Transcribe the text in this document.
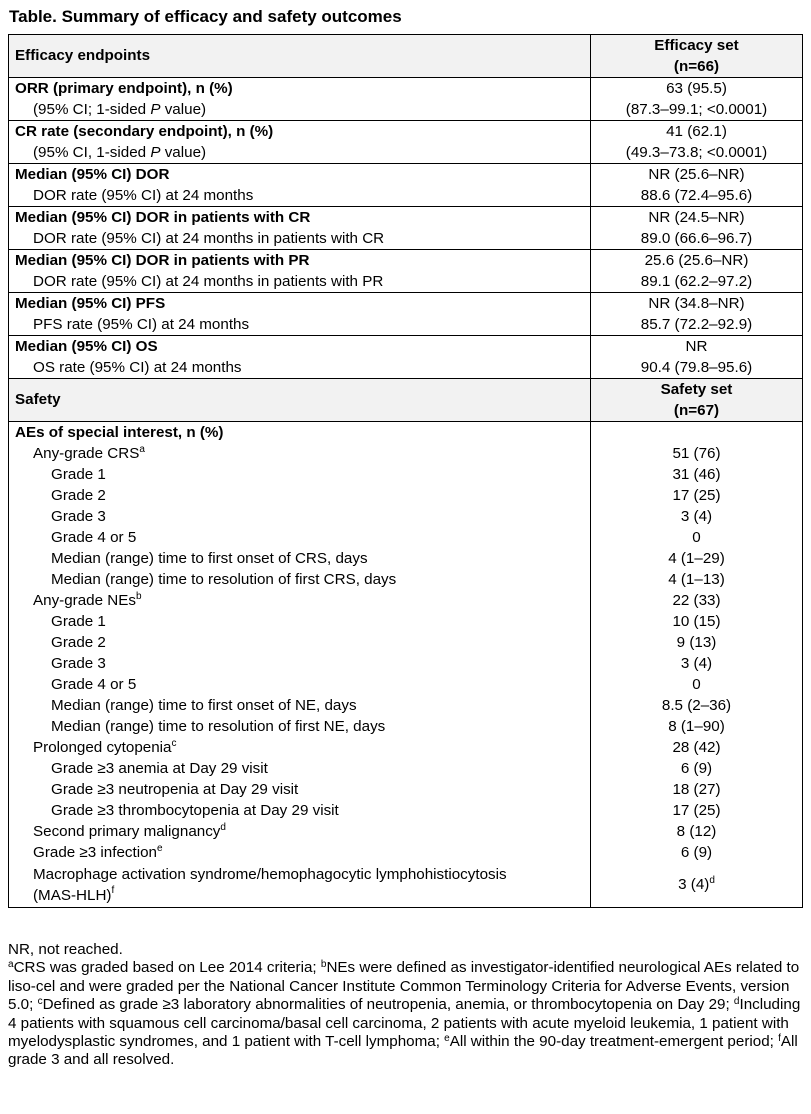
Table. Summary of efficacy and safety outcomes
Efficacy endpoints	Efficacy set
(n=66)

ORR (primary endpoint), n (%)	63 (95.5)
(95% CI; 1-sided P value)	(87.3–99.1; <0.0001)
CR rate (secondary endpoint), n (%)	41 (62.1)
(95% CI, 1-sided P value)	(49.3–73.8; <0.0001)
Median (95% CI) DOR	NR (25.6–NR)
DOR rate (95% CI) at 24 months	88.6 (72.4–95.6)
Median (95% CI) DOR in patients with CR	NR (24.5–NR)
DOR rate (95% CI) at 24 months in patients with CR	89.0 (66.6–96.7)
Median (95% CI) DOR in patients with PR	25.6 (25.6–NR)
DOR rate (95% CI) at 24 months in patients with PR	89.1 (62.2–97.2)
Median (95% CI) PFS	NR (34.8–NR)
PFS rate (95% CI) at 24 months	85.7 (72.2–92.9)
Median (95% CI) OS	NR
OS rate (95% CI) at 24 months	90.4 (79.8–95.6)
Safety	Safety set
(n=67)

AEs of special interest, n (%)	
Any-grade CRS$^a$	51 (76)
Grade 1	31 (46)
Grade 2	17 (25)
Grade 3	3 (4)
Grade 4 or 5	0
Median (range) time to first onset of CRS, days	4 (1–29)
Median (range) time to resolution of first CRS, days	4 (1–13)
Any-grade NEs$^b$	22 (33)
Grade 1	10 (15)
Grade 2	9 (13)
Grade 3	3 (4)
Grade 4 or 5	0
Median (range) time to first onset of NE, days	8.5 (2–36)
Median (range) time to resolution of first NE, days	8 (1–90)
Prolonged cytopenia$^c$	28 (42)
Grade ≥3 anemia at Day 29 visit	6 (9)
Grade ≥3 neutropenia at Day 29 visit	18 (27)
Grade ≥3 thrombocytopenia at Day 29 visit	17 (25)
Second primary malignancy$^d$	8 (12)
Grade ≥3 infection$^e$	6 (9)
Macrophage activation syndrome/hemophagocytic lymphohistiocytosis
$(MAS-HLH)^f$	3 $(4)^d$

NR, not reached.

$^a$CRS was graded based on Lee 2014 criteria; $^b$NEs were defined as investigator-identified neurological AEs related to liso-cel and were graded per the National Cancer Institute Common Terminology Criteria for Adverse Events, version 5.0; $^c$Defined as grade ≥3 laboratory abnormalities of neutropenia, anemia, or thrombocytopenia on Day 29; $^d$Including 4 patients with squamous cell carcinoma/basal cell carcinoma, 2 patients with acute myeloid leukemia, 1 patient with myelodysplastic syndromes, and 1 patient with T-cell lymphoma; $^e$All within the 90-day treatment-emergent period; $^f$All grade 3 and all resolved.
